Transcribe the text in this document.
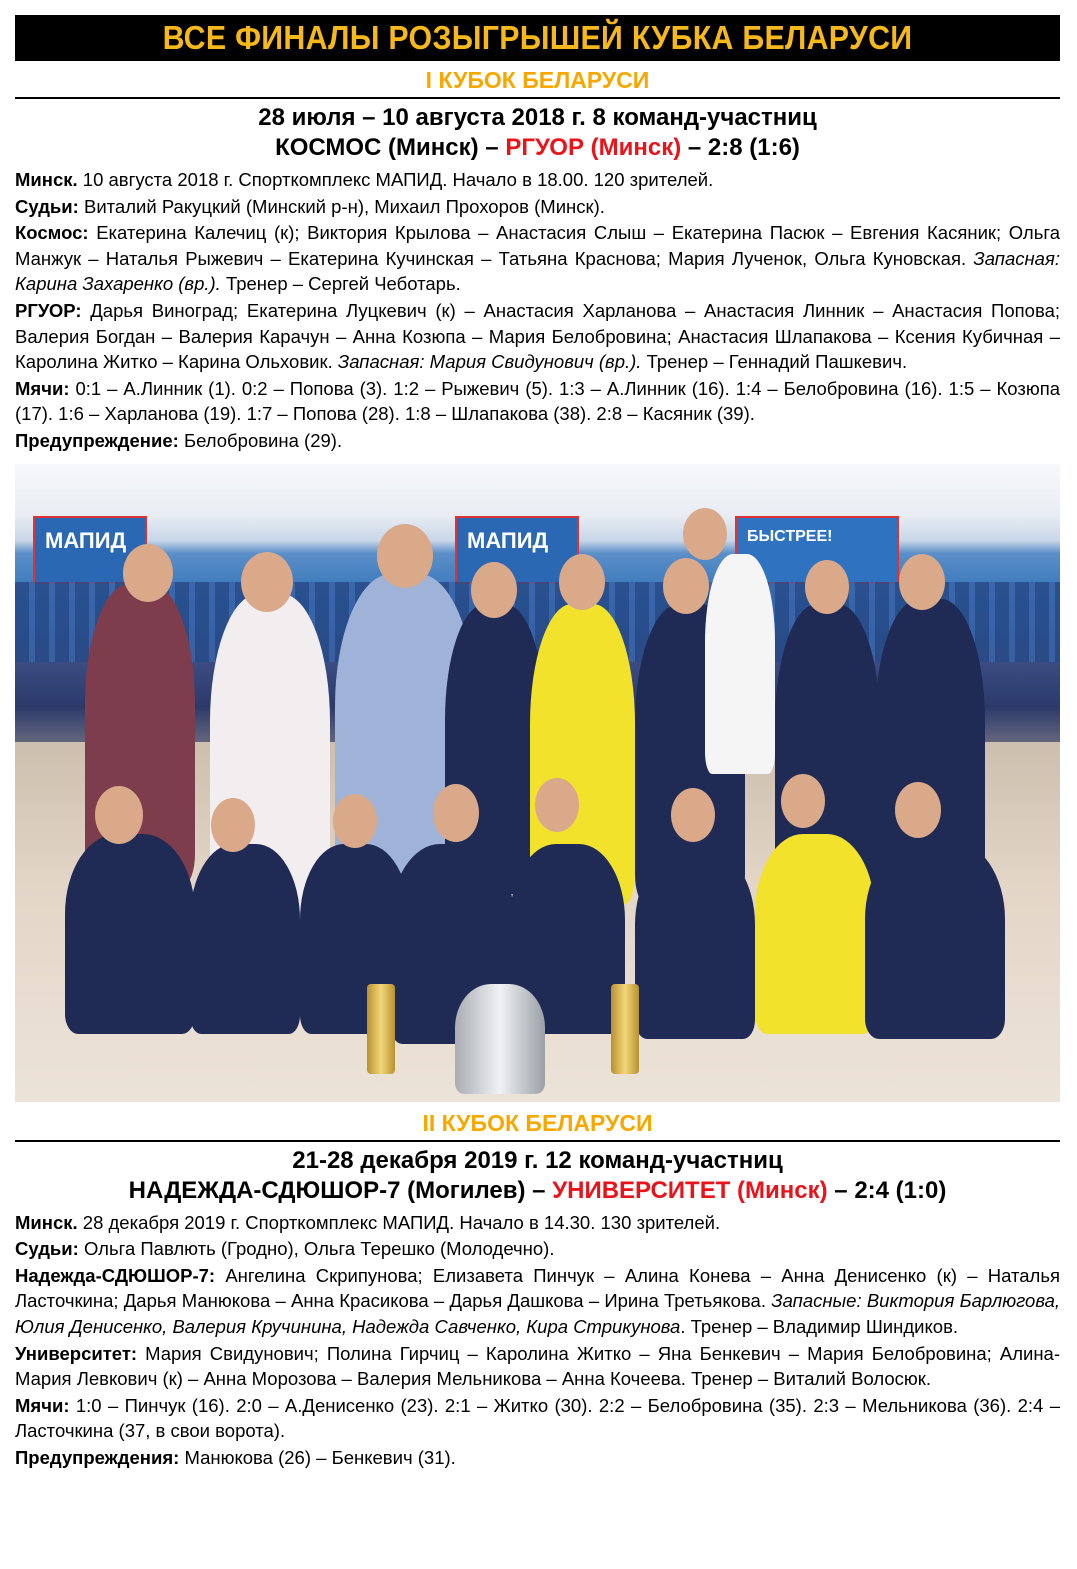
ВСЕ ФИНАЛЫ РОЗЫГРЫШЕЙ КУБКА БЕЛАРУСИ
I КУБОК БЕЛАРУСИ
28 июля – 10 августа 2018 г. 8 команд-участниц
КОСМОС (Минск) – РГУОР (Минск) – 2:8 (1:6)

Минск. 10 августа 2018 г. Спорткомплекс МАПИД. Начало в 18.00. 120 зрителей.

Судьи: Виталий Ракуцкий (Минский р-н), Михаил Прохоров (Минск).

Космос: Екатерина Калечиц (к); Виктория Крылова – Анастасия Слыш – Екатерина Пасюк – Евгения Касяник; Ольга Манжук – Наталья Рыжевич – Екатерина Кучинская – Татьяна Краснова; Мария Лученок, Ольга Куновская. Запасная: Карина Захаренко (вр.). Тренер – Сергей Чеботарь.

РГУОР: Дарья Виноград; Екатерина Луцкевич (к) – Анастасия Харланова – Анастасия Линник – Анастасия Попова; Валерия Богдан – Валерия Карачун – Анна Козюпа – Мария Белобровина; Анастасия Шлапакова – Ксения Кубичная – Каролина Житко – Карина Ольховик. Запасная: Мария Свидунович (вр.). Тренер – Геннадий Пашкевич.

Мячи: 0:1 – А.Линник (1). 0:2 – Попова (3). 1:2 – Рыжевич (5). 1:3 – А.Линник (16). 1:4 – Белобровина (16). 1:5 – Козюпа (17). 1:6 – Харланова (19). 1:7 – Попова (28). 1:8 – Шлапакова (38). 2:8 – Касяник (39).

Предупреждение: Белобровина (29).

МАПИД	МАПИД	БЫСТРЕЕ!
II КУБОК БЕЛАРУСИ
21-28 декабря 2019 г. 12 команд-участниц
НАДЕЖДА-СДЮШОР-7 (Могилев) – УНИВЕРСИТЕТ (Минск) – 2:4 (1:0)

Минск. 28 декабря 2019 г. Спорткомплекс МАПИД. Начало в 14.30. 130 зрителей.

Судьи: Ольга Павлють (Гродно), Ольга Терешко (Молодечно).

Надежда-СДЮШОР-7: Ангелина Скрипунова; Елизавета Пинчук – Алина Конева – Анна Денисенко (к) – Наталья Ласточкина; Дарья Манюкова – Анна Красикова – Дарья Дашкова – Ирина Третьякова. Запасные: Виктория Барлюгова, Юлия Денисенко, Валерия Кручинина, Надежда Савченко, Кира Стрикунова. Тренер – Владимир Шиндиков.

Университет: Мария Свидунович; Полина Гирчиц – Каролина Житко – Яна Бенкевич – Мария Белобровина; Алина-Мария Левкович (к) – Анна Морозова – Валерия Мельникова – Анна Кочеева. Тренер – Виталий Волосюк.

Мячи: 1:0 – Пинчук (16). 2:0 – А.Денисенко (23). 2:1 – Житко (30). 2:2 – Белобровина (35). 2:3 – Мельникова (36). 2:4 – Ласточкина (37, в свои ворота).

Предупреждения: Манюкова (26) – Бенкевич (31).
